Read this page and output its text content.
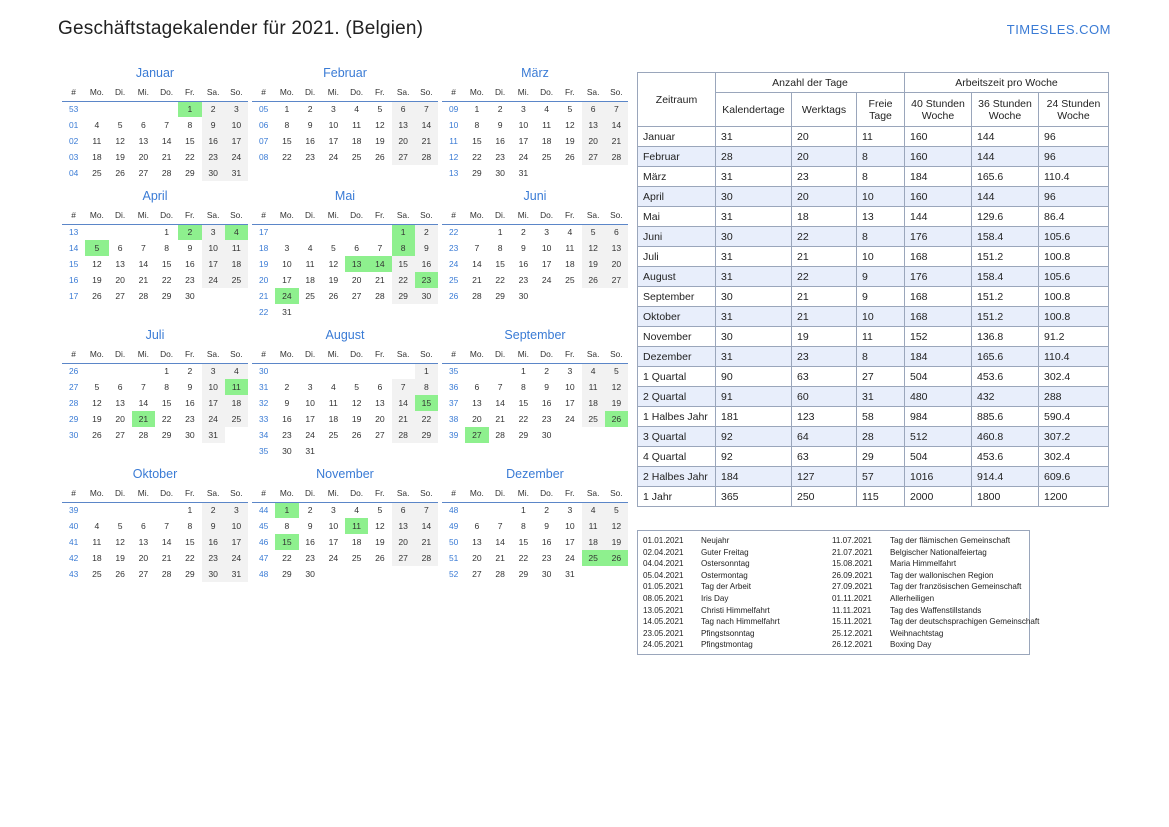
Geschäftstagekalender für 2021. (Belgien)	TIMESLES.COM
Januar
#	Mo.	Di.	Mi.	Do.	Fr.	Sa.	So.
53					1	2	3
01	4	5	6	7	8	9	10
02	11	12	13	14	15	16	17
03	18	19	20	21	22	23	24
04	25	26	27	28	29	30	31
Februar
#	Mo.	Di.	Mi.	Do.	Fr.	Sa.	So.
05	1	2	3	4	5	6	7
06	8	9	10	11	12	13	14
07	15	16	17	18	19	20	21
08	22	23	24	25	26	27	28
März
#	Mo.	Di.	Mi.	Do.	Fr.	Sa.	So.
09	1	2	3	4	5	6	7
10	8	9	10	11	12	13	14
11	15	16	17	18	19	20	21
12	22	23	24	25	26	27	28
13	29	30	31				
April
#	Mo.	Di.	Mi.	Do.	Fr.	Sa.	So.
13				1	2	3	4
14	5	6	7	8	9	10	11
15	12	13	14	15	16	17	18
16	19	20	21	22	23	24	25
17	26	27	28	29	30		
Mai
#	Mo.	Di.	Mi.	Do.	Fr.	Sa.	So.
17						1	2
18	3	4	5	6	7	8	9
19	10	11	12	13	14	15	16
20	17	18	19	20	21	22	23
21	24	25	26	27	28	29	30
22	31						
Juni
#	Mo.	Di.	Mi.	Do.	Fr.	Sa.	So.
22		1	2	3	4	5	6
23	7	8	9	10	11	12	13
24	14	15	16	17	18	19	20
25	21	22	23	24	25	26	27
26	28	29	30				
Juli
#	Mo.	Di.	Mi.	Do.	Fr.	Sa.	So.
26				1	2	3	4
27	5	6	7	8	9	10	11
28	12	13	14	15	16	17	18
29	19	20	21	22	23	24	25
30	26	27	28	29	30	31	
August
#	Mo.	Di.	Mi.	Do.	Fr.	Sa.	So.
30							1
31	2	3	4	5	6	7	8
32	9	10	11	12	13	14	15
33	16	17	18	19	20	21	22
34	23	24	25	26	27	28	29
35	30	31					
September
#	Mo.	Di.	Mi.	Do.	Fr.	Sa.	So.
35			1	2	3	4	5
36	6	7	8	9	10	11	12
37	13	14	15	16	17	18	19
38	20	21	22	23	24	25	26
39	27	28	29	30			
Oktober
#	Mo.	Di.	Mi.	Do.	Fr.	Sa.	So.
39					1	2	3
40	4	5	6	7	8	9	10
41	11	12	13	14	15	16	17
42	18	19	20	21	22	23	24
43	25	26	27	28	29	30	31
November
#	Mo.	Di.	Mi.	Do.	Fr.	Sa.	So.
44	1	2	3	4	5	6	7
45	8	9	10	11	12	13	14
46	15	16	17	18	19	20	21
47	22	23	24	25	26	27	28
48	29	30					
Dezember
#	Mo.	Di.	Mi.	Do.	Fr.	Sa.	So.
48			1	2	3	4	5
49	6	7	8	9	10	11	12
50	13	14	15	16	17	18	19
51	20	21	22	23	24	25	26
52	27	28	29	30	31		
Zeitraum	Anzahl der Tage			Arbeitszeit pro Woche		
	Kalendertage	Werktags	Freie Tage	40 Stunden Woche	36 Stunden Woche	24 Stunden Woche
Januar	31	20	11	160	144	96
Februar	28	20	8	160	144	96
März	31	23	8	184	165.6	110.4
April	30	20	10	160	144	96
Mai	31	18	13	144	129.6	86.4
Juni	30	22	8	176	158.4	105.6
Juli	31	21	10	168	151.2	100.8
August	31	22	9	176	158.4	105.6
September	30	21	9	168	151.2	100.8
Oktober	31	21	10	168	151.2	100.8
November	30	19	11	152	136.8	91.2
Dezember	31	23	8	184	165.6	110.4
1 Quartal	90	63	27	504	453.6	302.4
2 Quartal	91	60	31	480	432	288
1 Halbes Jahr	181	123	58	984	885.6	590.4
3 Quartal	92	64	28	512	460.8	307.2
4 Quartal	92	63	29	504	453.6	302.4
2 Halbes Jahr	184	127	57	1016	914.4	609.6
1 Jahr	365	250	115	2000	1800	1200
01.01.2021	Neujahr
02.04.2021	Guter Freitag
04.04.2021	Ostersonntag
05.04.2021	Ostermontag
01.05.2021	Tag der Arbeit
08.05.2021	Iris Day
13.05.2021	Christi Himmelfahrt
14.05.2021	Tag nach Himmelfahrt
23.05.2021	Pfingstsonntag
24.05.2021	Pfingstmontag
11.07.2021	Tag der flämischen Gemeinschaft
21.07.2021	Belgischer Nationalfeiertag
15.08.2021	Maria Himmelfahrt
26.09.2021	Tag der wallonischen Region
27.09.2021	Tag der französischen Gemeinschaft
01.11.2021	Allerheiligen
11.11.2021	Tag des Waffenstillstands
15.11.2021	Tag der deutschsprachigen Gemeinschaft
25.12.2021	Weihnachtstag
26.12.2021	Boxing Day
